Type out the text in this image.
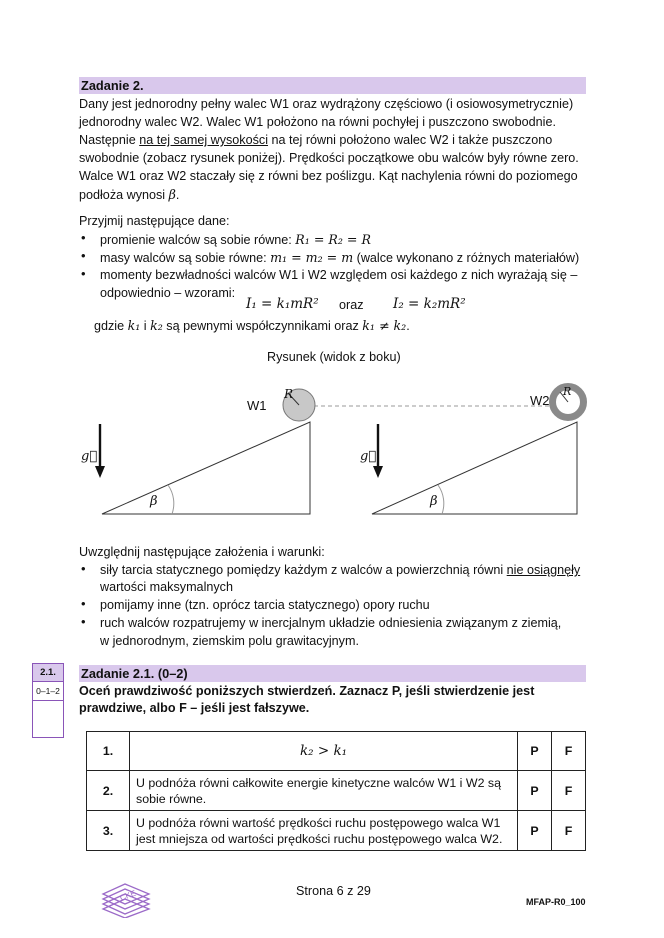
Zadanie 2.
Dany jest jednorodny pełny walec W1 oraz wydrążony częściowo (i osiowosymetrycznie)
jednorodny walec W2. Walec W1 położono na równi pochyłej i puszczono swobodnie.
Następnie na tej samej wysokości na tej równi położono walec W2 i także puszczono
swobodnie (zobacz rysunek poniżej). Prędkości początkowe obu walców były równe zero.
Walce W1 oraz W2 staczały się z równi bez poślizgu. Kąt nachylenia równi do poziomego
podłoża wynosi β.
Przyjmij następujące dane:
• promienie walców są sobie równe: R₁ = R₂ = R
• masy walców są sobie równe: m₁ = m₂ = m (walce wykonano z różnych materiałów)
• momenty bezwładności walców W1 i W2 względem osi każdego z nich wyrażają się –
odpowiednio – wzorami:
I₁ = k₁mR² oraz I₂ = k₂mR²
gdzie k₁ i k₂ są pewnymi współczynnikami oraz k₁ ≠ k₂.
Rysunek (widok z boku)
W1
R	W2
R
g⃗	g⃗
β	β
Uwzględnij następujące założenia i warunki:
• siły tarcia statycznego pomiędzy każdym z walców a powierzchnią równi nie osiągnęły
wartości maksymalnych
• pomijamy inne (tzn. oprócz tarcia statycznego) opory ruchu
• ruch walców rozpatrujemy w inercjalnym układzie odniesienia związanym z ziemią,
w jednorodnym, ziemskim polu grawitacyjnym.
2.1.
0–1–2
Zadanie 2.1. (0–2)
Oceń prawdziwość poniższych stwierdzeń. Zaznacz P, jeśli stwierdzenie jest
prawdziwe, albo F – jeśli jest fałszywe.
1.	k₂ > k₁	P	F
2.	U podnóża równi całkowite energie kinetyczne walców W1 i W2 są sobie równe.	P	F
3.	U podnóża równi wartość prędkości ruchu postępowego walca W1 jest mniejsza od wartości prędkości ruchu postępowego walca W2.	P	F
CKE	Strona 6 z 29
MFAP-R0_100
